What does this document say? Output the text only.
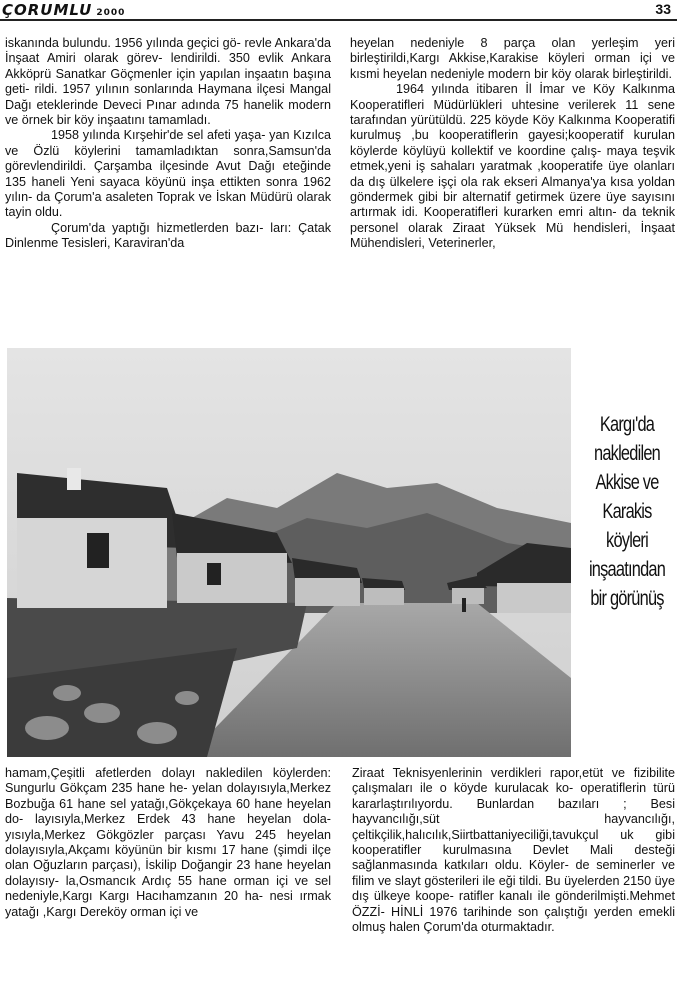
ÇORUMLU 2000	33

iskanında bulundu. 1956 yılında geçici gö- revle Ankara'da İnşaat Amiri olarak görev- lendirildi. 350 evlik Ankara Akköprü Sanatkar Göçmenler için yapılan inşaatın başına geti- rildi. 1957 yılının sonlarında Haymana ilçesi Mangal Dağı eteklerinde Deveci Pınar adında 75 hanelik modern ve örnek bir köy inşaatını tamamladı.

1958 yılında Kırşehir'de sel afeti yaşa- yan Kızılca ve Özlü köylerini tamamladıktan sonra,Samsun'da görevlendirildi. Çarşamba ilçesinde Avut Dağı eteğinde 135 haneli Yeni sayaca köyünü inşa ettikten sonra 1962 yılın- da Çorum'a asaleten Toprak ve İskan Müdürü olarak tayin oldu.

Çorum'da yaptığı hizmetlerden bazı- ları: Çatak Dinlenme Tesisleri, Karaviran'da

heyelan nedeniyle 8 parça olan yerleşim yeri birleştirildi,Kargı Akkise,Karakise köyleri orman içi ve kısmi heyelan nedeniyle modern bir köy olarak birleştirildi.

1964 yılında itibaren İl İmar ve Köy Kalkınma Kooperatifleri Müdürlükleri uhtesine verilerek 11 sene tarafından yürütüldü. 225 köyde Köy Kalkınma Kooperatifi kurulmuş ,bu kooperatiflerin gayesi;kooperatif kurulan köylerde köylüyü kollektif ve koordine çalış- maya teşvik etmek,yeni iş sahaları yaratmak ,kooperatife üye olanları da dış ülkelere işçi ola rak ekseri Almanya'ya kısa yoldan göndermek gibi bir alternatif getirmek üzere üye sayısını artırmak idi. Kooperatifleri kurarken emri altın- da teknik personel olarak Ziraat Yüksek Mü hendisleri, İnşaat Mühendisleri, Veterinerler,

Kargı'da
nakledilen
Akkise ve
Karakis
köyleri
inşaatından
bir görünüş

hamam,Çeşitli afetlerden dolayı nakledilen köylerden: Sungurlu Gökçam 235 hane he- yelan dolayısıyla,Merkez Bozbuğa 61 hane sel yatağı,Gökçekaya 60 hane heyelan do- layısıyla,Merkez Erdek 43 hane heyelan dola- yısıyla,Merkez Gökgözler parçası Yavu 245 heyelan dolayısıyla,Akçamı köyünün bir kısmı 17 hane (şimdi ilçe olan Oğuzların parçası), İskilip Doğangir 23 hane heyelan dolayısıy- la,Osmancık Ardıç 55 hane orman içi ve sel nedeniyle,Kargı Kargı Hacıhamzanın 20 ha- nesi ırmak yatağı ,Kargı Dereköy orman içi ve

Ziraat Teknisyenlerinin verdikleri rapor,etüt ve fizibilite çalışmaları ile o köyde kurulacak ko- operatiflerin türü kararlaştırılıyordu. Bunlardan bazıları ; Besi hayvancılığı,süt hayvancılığı, çeltikçilik,halıcılık,Siirtbattaniyeciliği,tavukçul uk gibi kooperatifler kurulmasına Devlet Mali desteği sağlanmasında katkıları oldu. Köyler- de seminerler ve filim ve slayt gösterileri ile eği tildi. Bu üyelerden 2150 üye dış ülkeye koope- ratifler kanalı ile gönderilmişti.Mehmet ÖZZİ- HİNLİ 1976 tarihinde son çalıştığı yerden emekli olmuş halen Çorum'da oturmaktadır.
